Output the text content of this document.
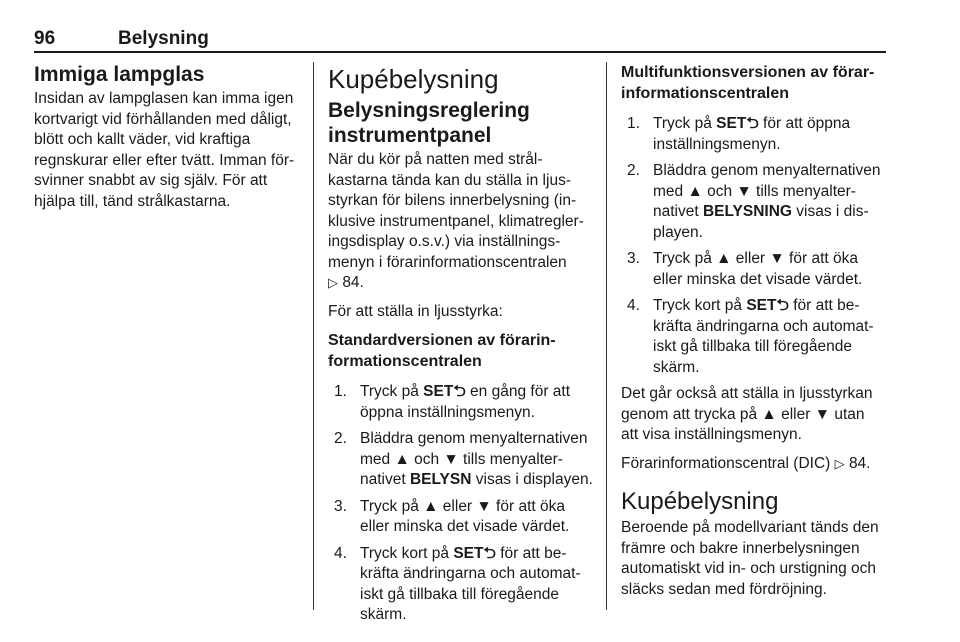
96	Belysning
Immiga lampglas

Insidan av lampglasen kan imma igen kortvarigt vid förhållanden med dåligt, blött och kallt väder, vid kraftiga regnskurar eller efter tvätt. Imman för-svinner snabbt av sig själv. För att hjälpa till, tänd strålkastarna.

Kupébelysning
Belysningsreglering instrumentpanel

När du kör på natten med strål-kastarna tända kan du ställa in ljus-styrkan för bilens innerbelysning (in-klusive instrumentpanel, klimatregler-ingsdisplay o.s.v.) via inställnings-menyn i förarinformationscentralen
▷ 84.

För att ställa in ljusstyrka:

Standardversionen av förarin-formationscentralen
1. Tryck på SET⮌ en gång för att öppna inställningsmenyn.
2. Bläddra genom menyalternativen med ▲ och ▼ tills menyalter-nativet BELYSN visas i displayen.
3. Tryck på ▲ eller ▼ för att öka eller minska det visade värdet.
4. Tryck kort på SET⮌ för att be-kräfta ändringarna och automat-iskt gå tillbaka till föregående skärm.
Multifunktionsversionen av förar-informationscentralen
1. Tryck på SET⮌ för att öppna inställningsmenyn.
2. Bläddra genom menyalternativen med ▲ och ▼ tills menyalter-nativet BELYSNING visas i dis-playen.
3. Tryck på ▲ eller ▼ för att öka eller minska det visade värdet.
4. Tryck kort på SET⮌ för att be-kräfta ändringarna och automat-iskt gå tillbaka till föregående skärm.

Det går också att ställa in ljusstyrkan genom att trycka på ▲ eller ▼ utan att visa inställningsmenyn.

Förarinformationscentral (DIC) ▷ 84.

Kupébelysning

Beroende på modellvariant tänds den främre och bakre innerbelysningen automatiskt vid in- och urstigning och släcks sedan med fördröjning.
